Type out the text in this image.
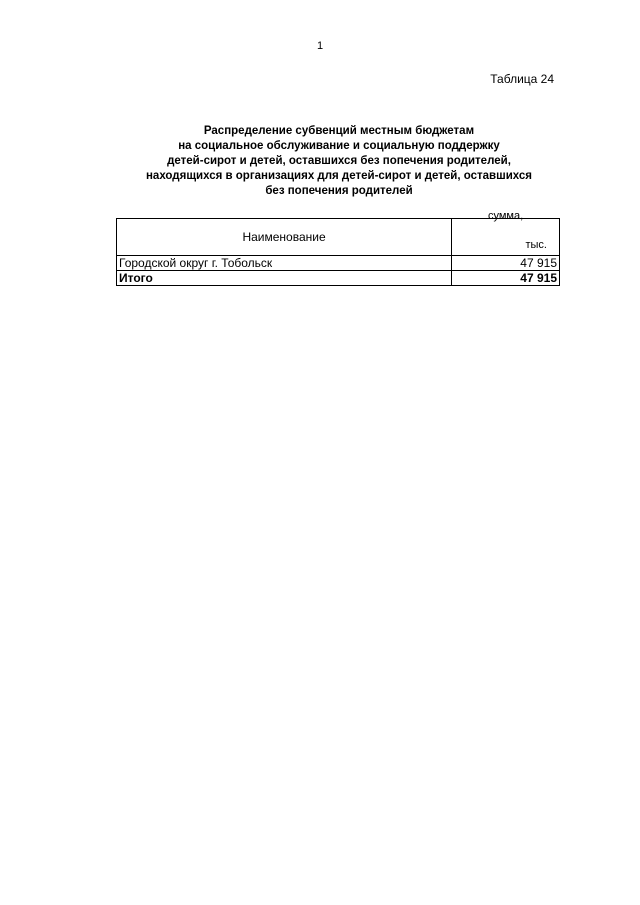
1
Таблица 24
Распределение субвенций местным бюджетам
на социальное обслуживание и социальную поддержку
детей-сирот и детей, оставшихся без попечения родителей,
находящихся в организациях для детей-сирот и детей, оставшихся
без попечения родителей
Наименование	сумма,
тыс.

Городской округ г. Тобольск	47 915
Итого	47 915
